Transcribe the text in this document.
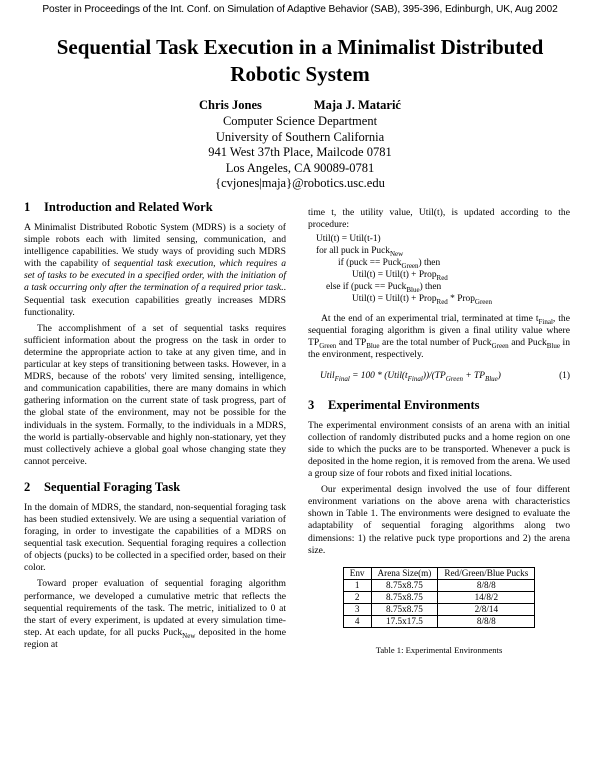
Poster in Proceedings of the Int. Conf. on Simulation of Adaptive Behavior (SAB), 395-396, Edinburgh, UK, Aug 2002
Sequential Task Execution in a Minimalist Distributed Robotic System
Chris Jones	Maja J. Matarić
Computer Science Department
University of Southern California
941 West 37th Place, Mailcode 0781
Los Angeles, CA 90089-0781
{cvjones|maja}@robotics.usc.edu
1 Introduction and Related Work

A Minimalist Distributed Robotic System (MDRS) is a society of simple robots each with limited sensing, communication, and intelligence capabilities. We study ways of providing such MDRS with the capability of sequential task execution, which requires a set of tasks to be executed in a specified order, with the initiation of a task occurring only after the termination of a required prior task.. Sequential task execution capabilities greatly increases MDRS functionality.

The accomplishment of a set of sequential tasks requires sufficient information about the progress on the task in order to determine the appropriate action to take at any given time, and in particular at key steps of transitioning between tasks. However, in a MDRS, because of the robots' very limited sensing, intelligence, and communication capabilities, there are many domains in which gathering information on the current state of task progress, part of the global state of the environment, may not be possible for the individuals in the system. Formally, to the individuals in a MDRS, the world is partially-observable and highly non-stationary, yet they must collectively achieve a global goal whose changing state they cannot perceive.

2 Sequential Foraging Task

In the domain of MDRS, the standard, non-sequential foraging task has been studied extensively. We are using a sequential variation of foraging, in order to investigate the capabilities of a MDRS on sequential task execution. Sequential foraging requires a collection of objects (pucks) to be collected in a specified order, based on their color.

Toward proper evaluation of sequential foraging algorithm performance, we developed a cumulative metric that reflects the sequential requirements of the task. The metric, initialized to 0 at the start of every experiment, is updated at every simulation time-step. At each update, for all pucks Puck$_{New}$ deposited in the home region at

time t, the utility value, Util(t), is updated according to the procedure:

Util(t) = Util(t-1)
for all puck in Puck$_{New}$
if (puck == Puck$_{Green}$) then
Util(t) = Util(t) + Prop$_{Red}$
else if (puck == Puck$_{Blue}$) then
Util(t) = Util(t) + Prop$_{Red}$ * Prop$_{Green}$

At the end of an experimental trial, terminated at time $t_{Final}$, the sequential foraging algorithm is given a final utility value where $TP_{Green}$ and $TP_{Blue}$ are the total number of Puck$_{Green}$ and Puck$_{Blue}$ in the environment, respectively.

Util$_{Final}$ = $100 * (Util(t_{Final}))/(TP_{Green} + TP_{Blue})$	(1)
3 Experimental Environments

The experimental environment consists of an arena with an initial collection of randomly distributed pucks and a home region on one side to which the pucks are to be transported. Whenever a puck is deposited in the home region, it is removed from the arena. We used a group size of four robots and fixed initial locations.

Our experimental design involved the use of four different environment variations on the above arena with characteristics shown in Table 1. The environments were designed to evaluate the adaptability of sequential foraging algorithms along two dimensions: 1) the relative puck type proportions and 2) the arena size.

Env	Arena Size(m)	Red/Green/Blue Pucks
1	8.75x8.75	8/8/8
2	8.75x8.75	14/8/2
3	8.75x8.75	2/8/14
4	17.5x17.5	8/8/8
Table 1: Experimental Environments
